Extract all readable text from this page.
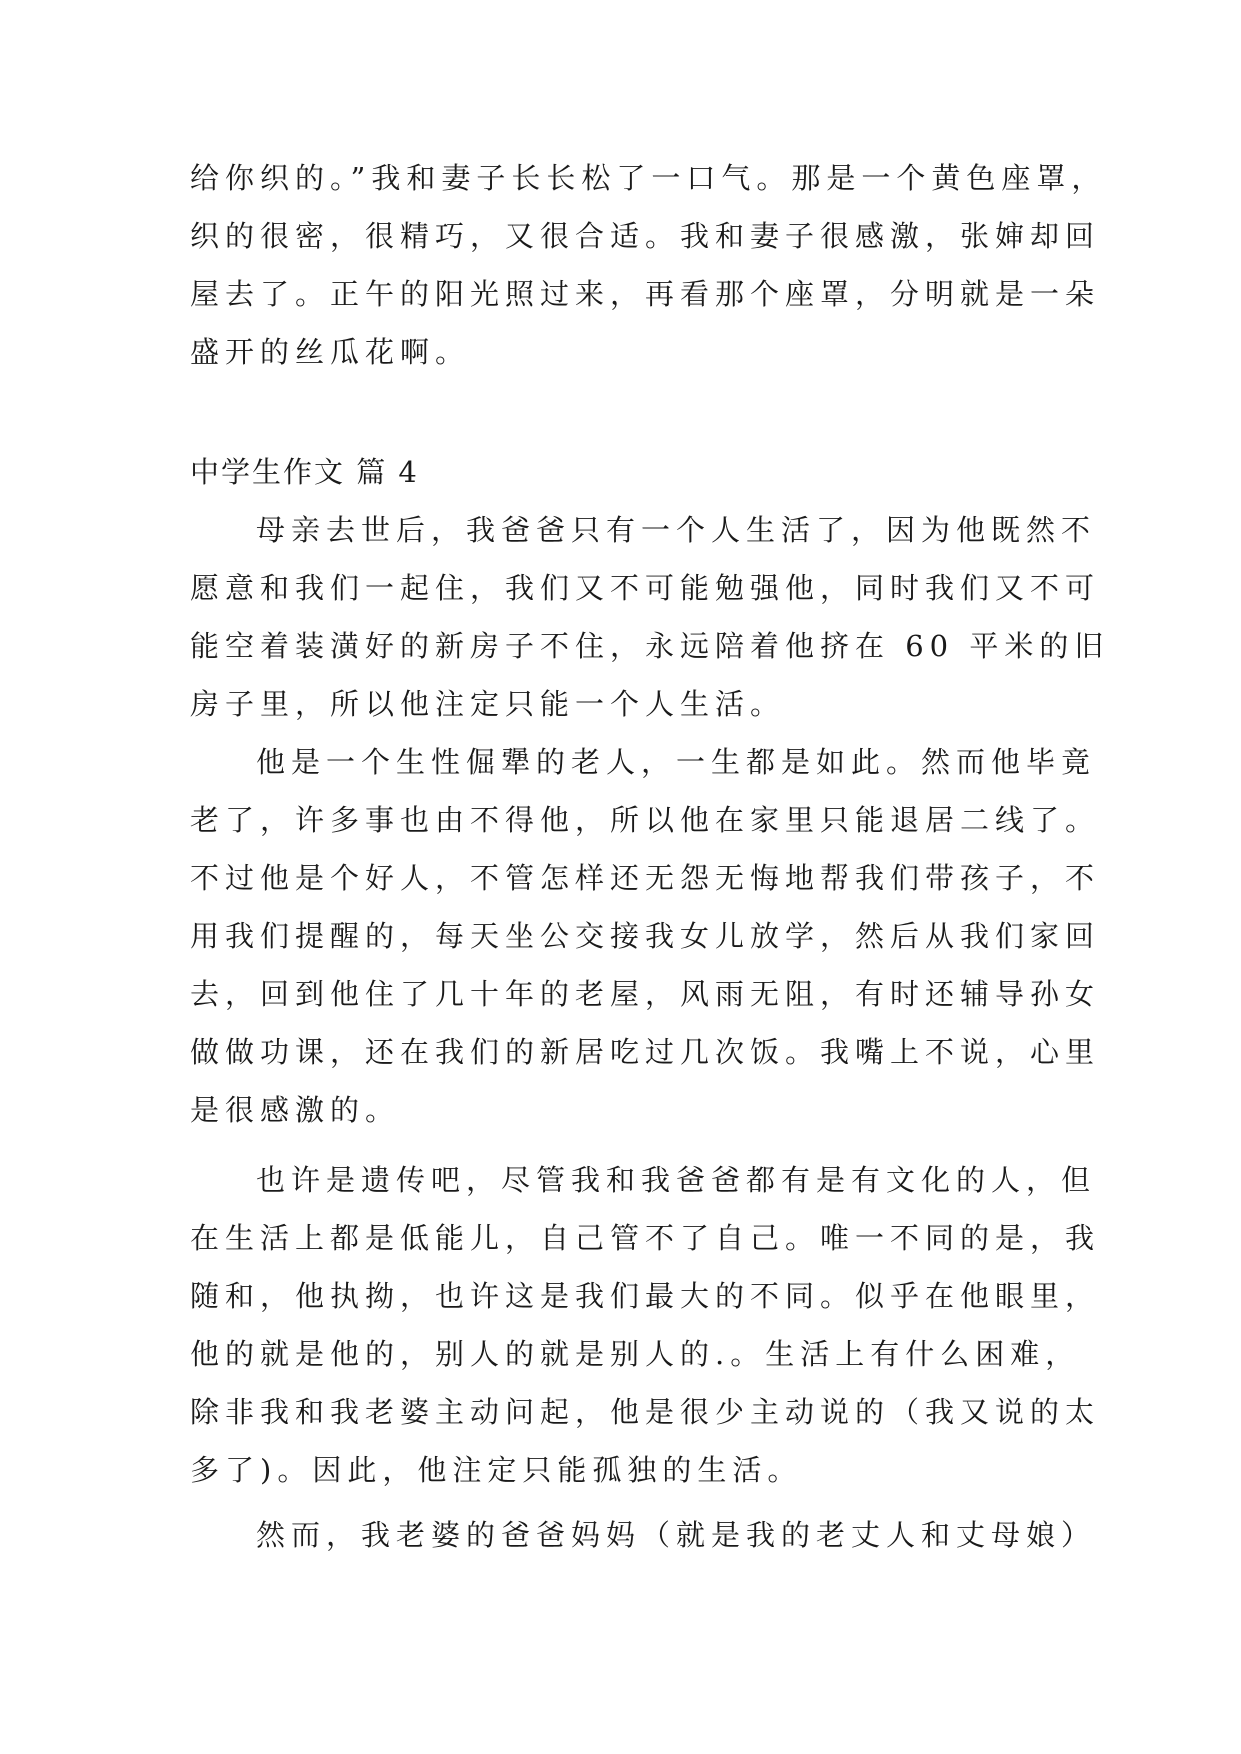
给你织的。”我和妻子长长松了一口气。那是一个黄色座罩，

织的很密，很精巧，又很合适。我和妻子很感激，张婶却回

屋去了。正午的阳光照过来，再看那个座罩，分明就是一朵

盛开的丝瓜花啊。

中学生作文 篇 4

母亲去世后，我爸爸只有一个人生活了，因为他既然不

愿意和我们一起住，我们又不可能勉强他，同时我们又不可

能空着装潢好的新房子不住，永远陪着他挤在 60 平米的旧

房子里，所以他注定只能一个人生活。

他是一个生性倔犟的老人，一生都是如此。然而他毕竟

老了，许多事也由不得他，所以他在家里只能退居二线了。

不过他是个好人，不管怎样还无怨无悔地帮我们带孩子，不

用我们提醒的，每天坐公交接我女儿放学，然后从我们家回

去，回到他住了几十年的老屋，风雨无阻，有时还辅导孙女

做做功课，还在我们的新居吃过几次饭。我嘴上不说，心里

是很感激的。

也许是遗传吧，尽管我和我爸爸都有是有文化的人，但

在生活上都是低能儿，自己管不了自己。唯一不同的是，我

随和，他执拗，也许这是我们最大的不同。似乎在他眼里，

他的就是他的，别人的就是别人的.。生活上有什么困难，

除非我和我老婆主动问起，他是很少主动说的（我又说的太

多了)。因此，他注定只能孤独的生活。

然而，我老婆的爸爸妈妈（就是我的老丈人和丈母娘）
